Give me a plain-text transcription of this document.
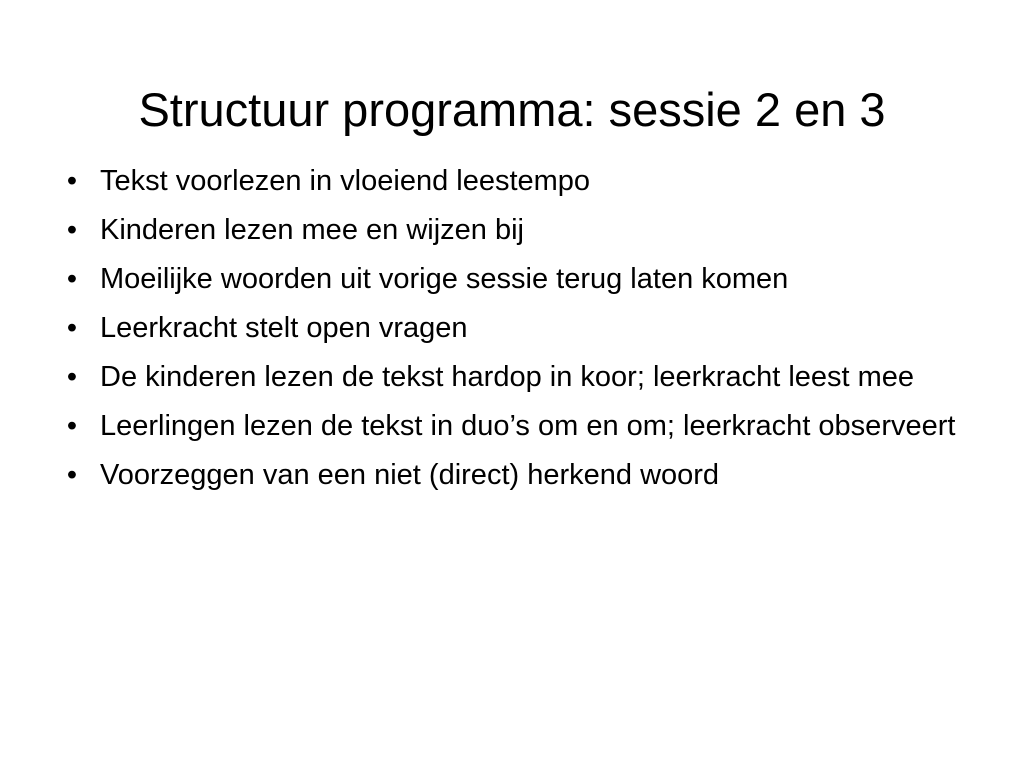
Structuur programma: sessie 2 en 3
• Tekst voorlezen in vloeiend leestempo
• Kinderen lezen mee en wijzen bij
• Moeilijke woorden uit vorige sessie terug laten komen
• Leerkracht stelt open vragen
• De kinderen lezen de tekst hardop in koor; leerkracht leest mee
• Leerlingen lezen de tekst in duo’s om en om; leerkracht observeert
• Voorzeggen van een niet (direct) herkend woord
